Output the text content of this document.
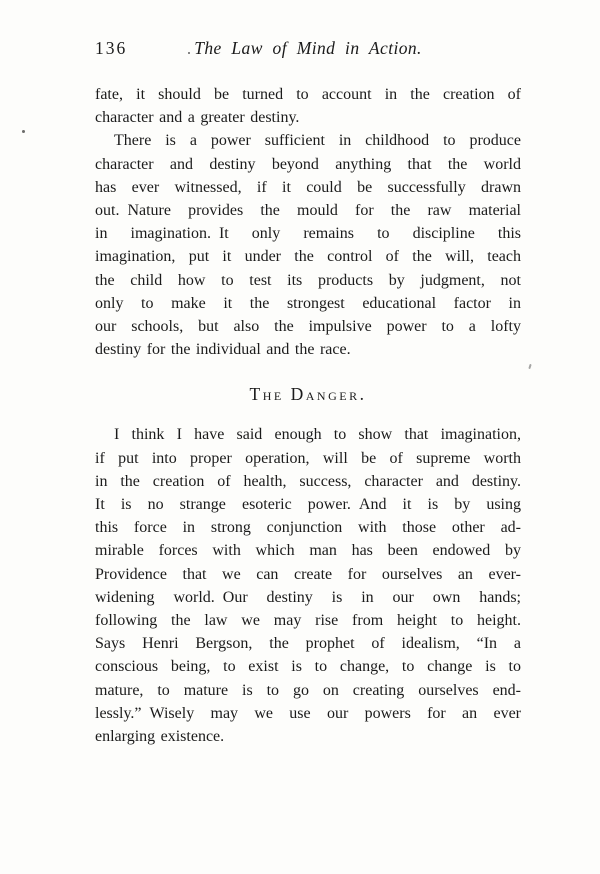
136	The Law of Mind in Action.
fate, it should be turned to account in the creation of
character and a greater destiny.
There is a power sufficient in childhood to produce
character and destiny beyond anything that the world
has ever witnessed, if it could be successfully drawn
out. Nature provides the mould for the raw material
in imagination. It only remains to discipline this
imagination, put it under the control of the will, teach
the child how to test its products by judgment, not
only to make it the strongest educational factor in
our schools, but also the impulsive power to a lofty
destiny for the individual and the race.
The Danger.
I think I have said enough to show that imagination,
if put into proper operation, will be of supreme worth
in the creation of health, success, character and destiny.
It is no strange esoteric power. And it is by using
this force in strong conjunction with those other ad-
mirable forces with which man has been endowed by
Providence that we can create for ourselves an ever-
widening world. Our destiny is in our own hands;
following the law we may rise from height to height.
Says Henri Bergson, the prophet of idealism, “In a
conscious being, to exist is to change, to change is to
mature, to mature is to go on creating ourselves end-
lessly.” Wisely may we use our powers for an ever
enlarging existence.
